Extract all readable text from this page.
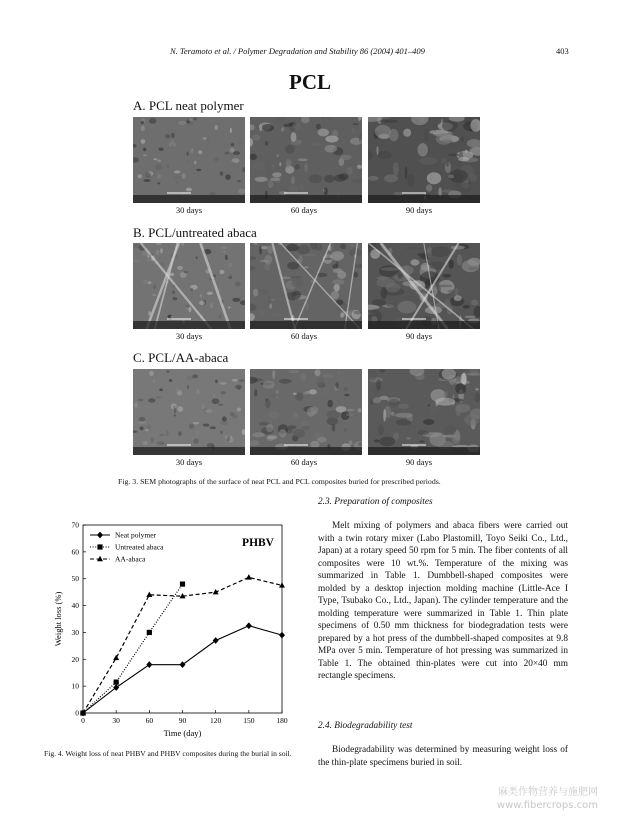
N. Teramoto et al. / Polymer Degradation and Stability 86 (2004) 401–409	403
PCL
A. PCL neat polymer
B. PCL/untreated abaca
C. PCL/AA-abaca
30 days	60 days	90 days
30 days	60 days	90 days
30 days	60 days	90 days
Fig. 3. SEM photographs of the surface of neat PCL and PCL composites buried for prescribed periods.
0	30	60	90	120	150	180
0
10
20
30
40
50
60
70
Time (day)
Weight loss (%)
PHBV
Neat polymer
Untreated abaca
AA-abaca
Fig. 4. Weight loss of neat PHBV and PHBV composites during the burial in soil.
2.3. Preparation of composites

Melt mixing of polymers and abaca fibers were carried out with a twin rotary mixer (Labo Plastomill, Toyo Seiki Co., Ltd., Japan) at a rotary speed 50 rpm for 5 min. The fiber contents of all composites were 10 wt.%. Temperature of the mixing was summarized in Table 1. Dumbbell-shaped composites were molded by a desktop injection molding machine (Little-Ace I Type, Tsubako Co., Ltd., Japan). The cylinder temperature and the molding temperature were summarized in Table 1. Thin plate specimens of 0.50 mm thickness for biodegradation tests were prepared by a hot press of the dumbbell-shaped composites at 9.8 MPa over 5 min. Temperature of hot pressing was summarized in Table 1. The obtained thin-plates were cut into 20×40 mm rectangle specimens.

2.4. Biodegradability test

Biodegradability was determined by measuring weight loss of the thin-plate specimens buried in soil.

麻类作物营养与施肥网
www.fibercrops.com
